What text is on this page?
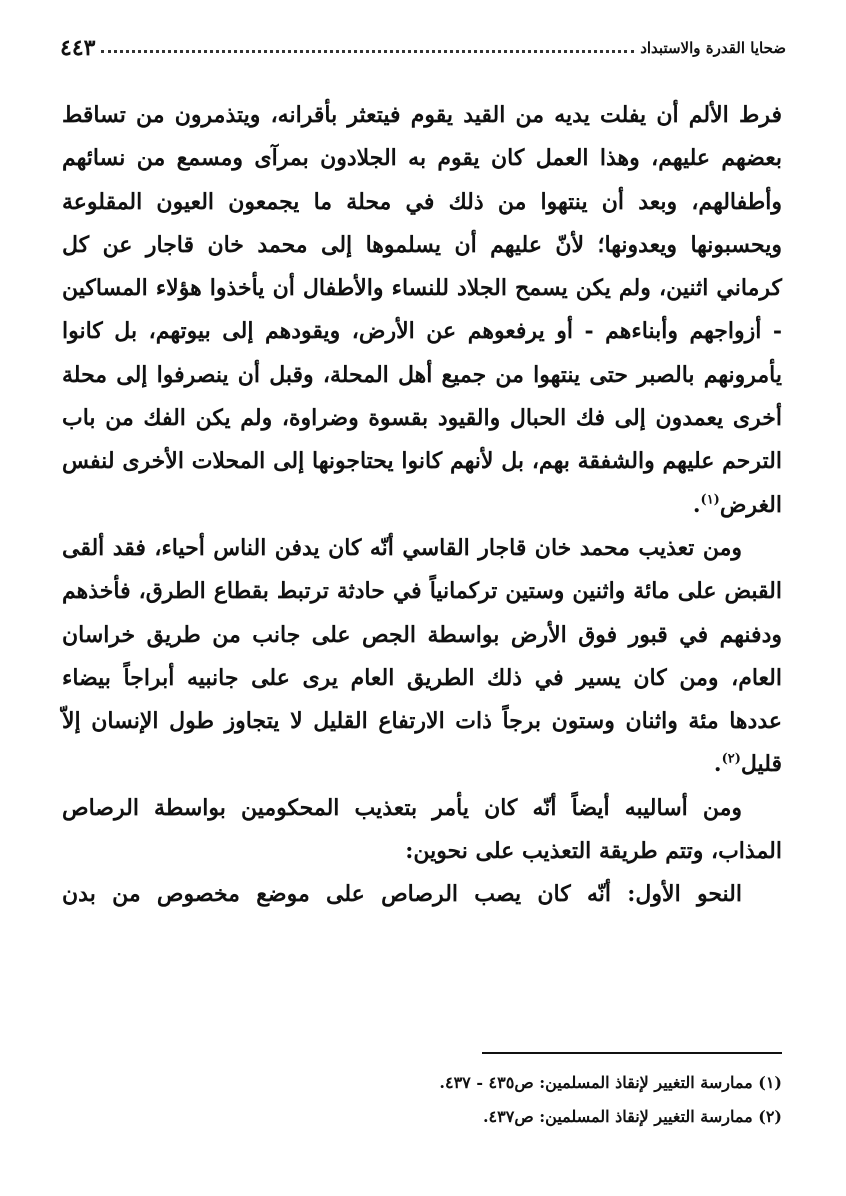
ضحايا القدرة والاستبداد
٤٤٣

فرط الألم أن يفلت يديه من القيد يقوم فيتعثر بأقرانه، ويتذمرون من تساقط بعضهم عليهم، وهذا العمل كان يقوم به الجلادون بمرآى ومسمع من نسائهم وأطفالهم، وبعد أن ينتهوا من ذلك في محلة ما يجمعون العيون المقلوعة ويحسبونها ويعدونها؛ لأنّ عليهم أن يسلموها إلى محمد خان قاجار عن كل كرماني اثنين، ولم يكن يسمح الجلاد للنساء والأطفال أن يأخذوا هؤلاء المساكين - أزواجهم وأبناءهم - أو يرفعوهم عن الأرض، ويقودهم إلى بيوتهم، بل كانوا يأمرونهم بالصبر حتى ينتهوا من جميع أهل المحلة، وقبل أن ينصرفوا إلى محلة أخرى يعمدون إلى فك الحبال والقيود بقسوة وضراوة، ولم يكن الفك من باب الترحم عليهم والشفقة بهم، بل لأنهم كانوا يحتاجونها إلى المحلات الأخرى لنفس الغرض$^{(١)}$.

ومن تعذيب محمد خان قاجار القاسي أنّه كان يدفن الناس أحياء، فقد ألقى القبض على مائة واثنين وستين تركمانياً في حادثة ترتبط بقطاع الطرق، فأخذهم ودفنهم في قبور فوق الأرض بواسطة الجص على جانب من طريق خراسان العام، ومن كان يسير في ذلك الطريق العام يرى على جانبيه أبراجاً بيضاء عددها مئة واثنان وستون برجاً ذات الارتفاع القليل لا يتجاوز طول الإنسان إلاّ قليل$^{(٢)}$.

ومن أساليبه أيضاً أنّه كان يأمر بتعذيب المحكومين بواسطة الرصاص المذاب، وتتم طريقة التعذيب على نحوين:

النحو الأول: أنّه كان يصب الرصاص على موضع مخصوص من بدن

(١) ممارسة التغيير لإنقاذ المسلمين: ص٤٣٥ - ٤٣٧.

(٢) ممارسة التغيير لإنقاذ المسلمين: ص٤٣٧.
